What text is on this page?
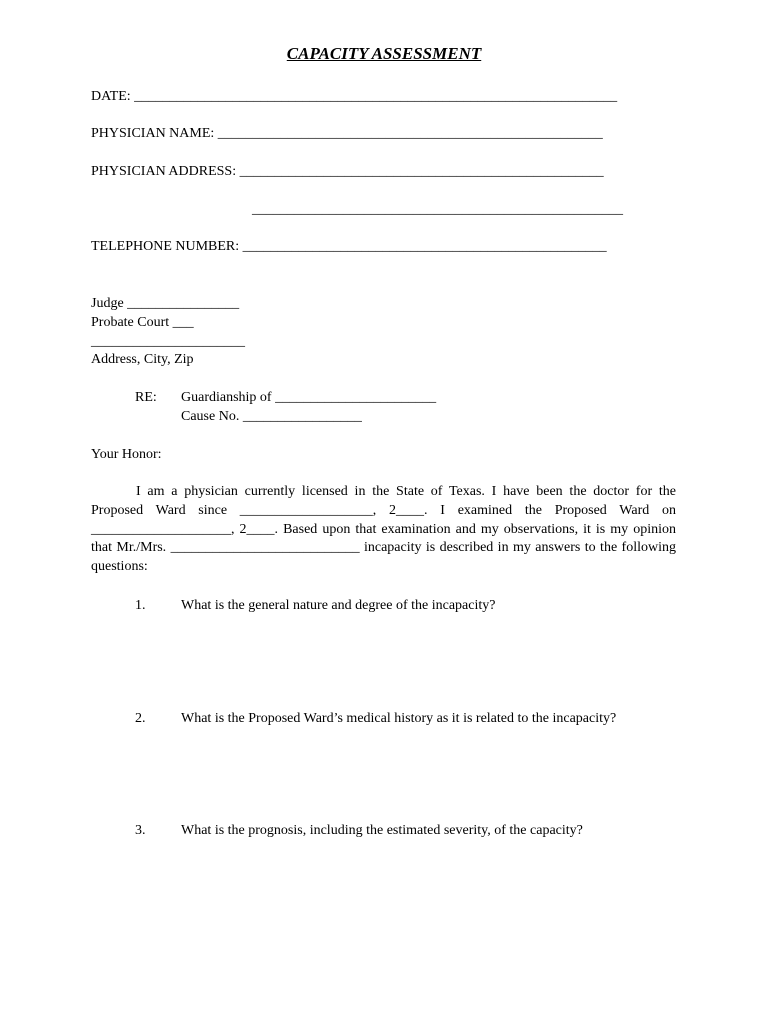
CAPACITY ASSESSMENT
DATE: _____________________________________________________________________
PHYSICIAN NAME: _______________________________________________________
PHYSICIAN ADDRESS: ____________________________________________________
_____________________________________________________
TELEPHONE NUMBER: ____________________________________________________
Judge ________________
Probate Court ___
______________________
Address, City, Zip
RE: Guardianship of _______________________
Cause No. _________________
Your Honor:
I am a physician currently licensed in the State of Texas. I have been the doctor for the Proposed Ward since ___________________, 2____. I examined the Proposed Ward on ____________________, 2____. Based upon that examination and my observations, it is my opinion that Mr./Mrs. ___________________________ incapacity is described in my answers to the following questions:
1.	What is the general nature and degree of the incapacity?
2.	What is the Proposed Ward’s medical history as it is related to the incapacity?
3.	What is the prognosis, including the estimated severity, of the capacity?
